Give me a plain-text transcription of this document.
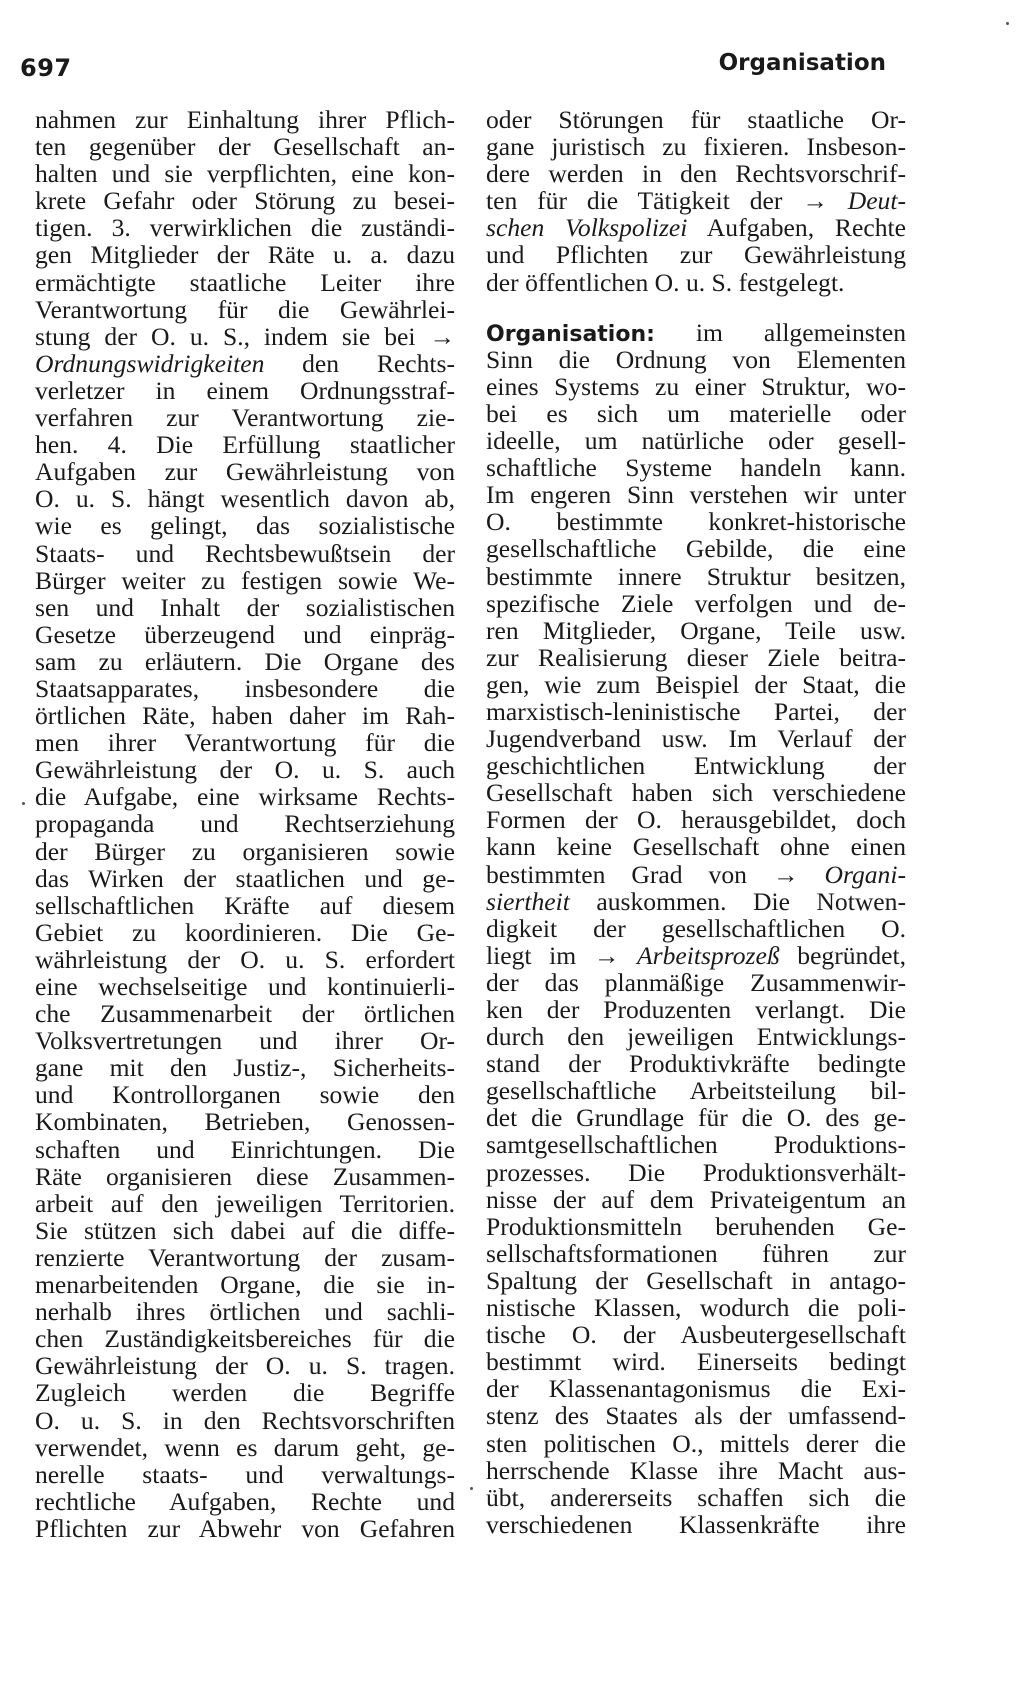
697	Organisation
nahmen zur Einhaltung ihrer Pflich-
ten gegenüber der Gesellschaft an-
halten und sie verpflichten, eine kon-
krete Gefahr oder Störung zu besei-
tigen. 3. verwirklichen die zuständi-
gen Mitglieder der Räte u. a. dazu
ermächtigte staatliche Leiter ihre
Verantwortung für die Gewährlei-
stung der O. u. S., indem sie bei →
Ordnungswidrigkeiten den Rechts-
verletzer in einem Ordnungsstraf-
verfahren zur Verantwortung zie-
hen. 4. Die Erfüllung staatlicher
Aufgaben zur Gewährleistung von
O. u. S. hängt wesentlich davon ab,
wie es gelingt, das sozialistische
Staats- und Rechtsbewußtsein der
Bürger weiter zu festigen sowie We-
sen und Inhalt der sozialistischen
Gesetze überzeugend und einpräg-
sam zu erläutern. Die Organe des
Staatsapparates, insbesondere die
örtlichen Räte, haben daher im Rah-
men ihrer Verantwortung für die
Gewährleistung der O. u. S. auch
die Aufgabe, eine wirksame Rechts-
propaganda und Rechtserziehung
der Bürger zu organisieren sowie
das Wirken der staatlichen und ge-
sellschaftlichen Kräfte auf diesem
Gebiet zu koordinieren. Die Ge-
währleistung der O. u. S. erfordert
eine wechselseitige und kontinuierli-
che Zusammenarbeit der örtlichen
Volksvertretungen und ihrer Or-
gane mit den Justiz-, Sicherheits-
und Kontrollorganen sowie den
Kombinaten, Betrieben, Genossen-
schaften und Einrichtungen. Die
Räte organisieren diese Zusammen-
arbeit auf den jeweiligen Territorien.
Sie stützen sich dabei auf die diffe-
renzierte Verantwortung der zusam-
menarbeitenden Organe, die sie in-
nerhalb ihres örtlichen und sachli-
chen Zuständigkeitsbereiches für die
Gewährleistung der O. u. S. tragen.
Zugleich werden die Begriffe
O. u. S. in den Rechtsvorschriften
verwendet, wenn es darum geht, ge-
nerelle staats- und verwaltungs-
rechtliche Aufgaben, Rechte und
Pflichten zur Abwehr von Gefahren
oder Störungen für staatliche Or-
gane juristisch zu fixieren. Insbeson-
dere werden in den Rechtsvorschrif-
ten für die Tätigkeit der → Deut-
schen Volkspolizei Aufgaben, Rechte
und Pflichten zur Gewährleistung
der öffentlichen O. u. S. festgelegt.
Organisation: im allgemeinsten
Sinn die Ordnung von Elementen
eines Systems zu einer Struktur, wo-
bei es sich um materielle oder
ideelle, um natürliche oder gesell-
schaftliche Systeme handeln kann.
Im engeren Sinn verstehen wir unter
O. bestimmte konkret-historische
gesellschaftliche Gebilde, die eine
bestimmte innere Struktur besitzen,
spezifische Ziele verfolgen und de-
ren Mitglieder, Organe, Teile usw.
zur Realisierung dieser Ziele beitra-
gen, wie zum Beispiel der Staat, die
marxistisch-leninistische Partei, der
Jugendverband usw. Im Verlauf der
geschichtlichen Entwicklung der
Gesellschaft haben sich verschiedene
Formen der O. herausgebildet, doch
kann keine Gesellschaft ohne einen
bestimmten Grad von → Organi-
siertheit auskommen. Die Notwen-
digkeit der gesellschaftlichen O.
liegt im → Arbeitsprozeß begründet,
der das planmäßige Zusammenwir-
ken der Produzenten verlangt. Die
durch den jeweiligen Entwicklungs-
stand der Produktivkräfte bedingte
gesellschaftliche Arbeitsteilung bil-
det die Grundlage für die O. des ge-
samtgesellschaftlichen Produktions-
prozesses. Die Produktionsverhält-
nisse der auf dem Privateigentum an
Produktionsmitteln beruhenden Ge-
sellschaftsformationen führen zur
Spaltung der Gesellschaft in antago-
nistische Klassen, wodurch die poli-
tische O. der Ausbeutergesellschaft
bestimmt wird. Einerseits bedingt
der Klassenantagonismus die Exi-
stenz des Staates als der umfassend-
sten politischen O., mittels derer die
herrschende Klasse ihre Macht aus-
übt, andererseits schaffen sich die
verschiedenen Klassenkräfte ihre
